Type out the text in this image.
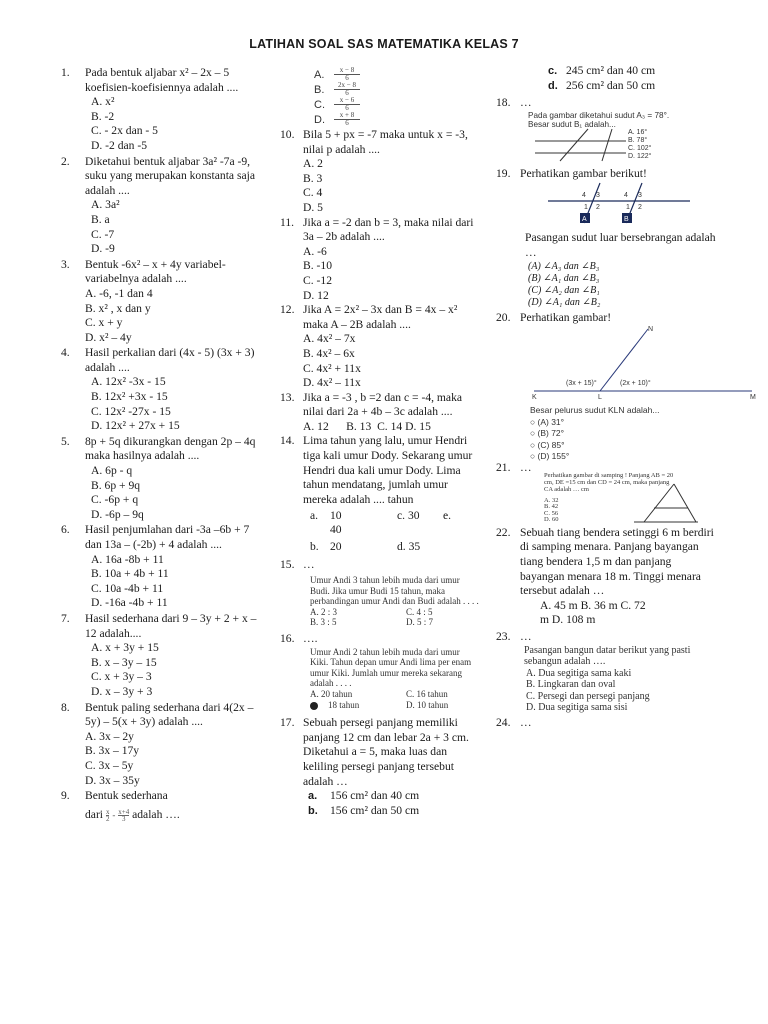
LATIHAN SOAL SAS MATEMATIKA KELAS 7
1. Pada bentuk aljabar x² – 2x – 5 koefisien-koefisiennya adalah ....
A. x²
B. -2
C. - 2x dan - 5
D. -2 dan -5
2. Diketahui bentuk aljabar 3a² -7a -9, suku yang merupakan konstanta saja adalah ....
A. 3a²
B. a
C. -7
D. -9
3. Bentuk -6x² – x + 4y variabel-variabelnya adalah ....
A. -6, -1 dan 4
B. x² , x dan y
C. x + y
D. x² – 4y
4. Hasil perkalian dari (4x - 5) (3x + 3) adalah ....
A. 12x² -3x - 15
B. 12x² +3x - 15
C. 12x² -27x - 15
D. 12x² + 27x + 15
5. 8p + 5q dikurangkan dengan 2p – 4q maka hasilnya adalah ....
A. 6p - q
B. 6p + 9q
C. -6p + q
D. -6p – 9q
6. Hasil penjumlahan dari -3a –6b + 7 dan 13a – (-2b) + 4 adalah ....
A. 16a -8b + 11
B. 10a + 4b + 11
C. 10a -4b + 11
D. -16a -4b + 11
7. Hasil sederhana dari 9 – 3y + 2 + x – 12 adalah....
A. x + 3y + 15
B. x – 3y – 15
C. x + 3y – 3
D. x – 3y + 3
8. Bentuk paling sederhana dari 4(2x – 5y) – 5(x + 3y) adalah ....
A. 3x – 2y
B. 3x – 17y
C. 3x – 5y
D. 3x – 35y
9. Bentuk sederhana
dari $\frac{x}{2} - \frac{x+4}{3}$ adalah ….
A.	x − 8
6
B.	2x − 8
6
C.	x − 6
6
D.	x + 8
6
10. Bila 5 + px = -7 maka untuk x = -3, nilai p adalah ....
A. 2
B. 3
C. 4
D. 5
11. Jika a = -2 dan b = 3, maka nilai dari 3a – 2b adalah ....
A. -6
B. -10
C. -12
D. 12
12. Jika A = 2x² – 3x dan B = 4x – x² maka A – 2B adalah ....
A. 4x² – 7x
B. 4x² – 6x
C. 4x² + 11x
D. 4x² – 11x
13. Jika a = -3 , b =2 dan c = -4, maka nilai dari 2a + 4b – 3c adalah ....
A. 12      B. 13  C. 14 D. 15
14. Lima tahun yang lalu, umur Hendri tiga kali umur Dody. Sekarang umur Hendri dua kali umur Dody. Lima tahun mendatang, jumlah umur mereka adalah .... tahun
a. 10	c. 30 e.
40
b. 20	d. 35
15. …
Umur Andi 3 tahun lebih muda dari umur Budi. Jika umur Budi 15 tahun, maka perbandingan umur Andi dan Budi adalah . . . .
A. 2 : 3	C. 4 : 5
B. 3 : 5	D. 5 : 7
16. ….
Umur Andi 2 tahun lebih muda dari umur Kiki. Tahun depan umur Andi lima per enam umur Kiki. Jumlah umur mereka sekarang adalah . . . .
A. 20 tahun	C. 16 tahun
18 tahun	D. 10 tahun
17. Sebuah persegi panjang memiliki panjang 12 cm dan lebar 2a + 3 cm. Diketahui a = 5, maka luas dan keliling persegi panjang tersebut adalah …
a.	156 cm² dan 40 cm
b.	156 cm² dan 50 cm
c. 245 cm² dan 40 cm
d. 256 cm² dan 50 cm
18. …
Pada gambar diketahui sudut A₃ = 78°.
Besar sudut B₁ adalah...
A. 16°
B. 78°
C. 102°
D. 122°
19. Perhatikan gambar berikut!
4 3
1 2
4 3
1 2
A	B
Pasangan sudut luar bersebrangan adalah …
(A) ∠A₃ dan ∠B₃
(B) ∠A₁ dan ∠B₃
(C) ∠A₂ dan ∠B₁
(D) ∠A₁ dan ∠B₂
20. Perhatikan gambar!
N
(3x + 15)°	(2x + 10)°
K	L	M
Besar pelurus sudut KLN adalah...
○ (A) 31°
○ (B) 72°
○ (C) 85°
○ (D) 155°
21. …
Perhatikan gambar di samping ! Panjang AB = 20 cm, DE =15 cm dan CD = 24 cm, maka panjang CA adalah … cm
A. 32
B. 42
C. 56
D. 60
22. Sebuah tiang bendera setinggi 6 m berdiri di samping menara. Panjang bayangan tiang bendera 1,5 m dan panjang bayangan menara 18 m. Tinggi menara tersebut adalah …
A. 45 m B. 36 m C. 72
m D. 108 m
23. …
Pasangan bangun datar berikut yang pasti sebangun adalah ….
A. Dua segitiga sama kaki
B. Lingkaran dan oval
C. Persegi dan persegi panjang
D. Dua segitiga sama sisi
24. …
